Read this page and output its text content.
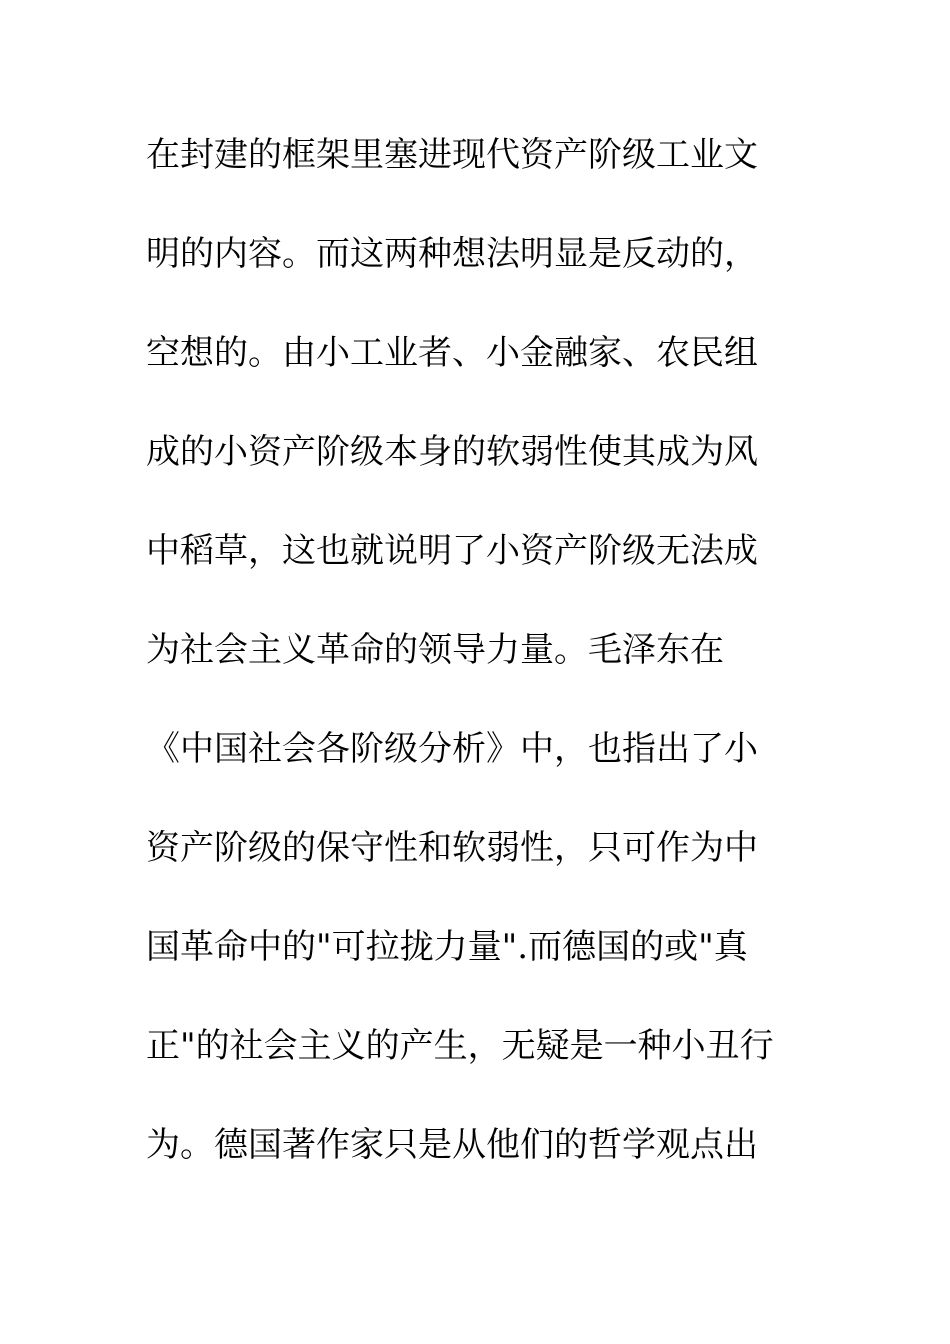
在封建的框架里塞进现代资产阶级工业文
明的内容。而这两种想法明显是反动的，
空想的。由小工业者、小金融家、农民组
成的小资产阶级本身的软弱性使其成为风
中稻草，这也就说明了小资产阶级无法成
为社会主义革命的领导力量。毛泽东在
《中国社会各阶级分析》中，也指出了小
资产阶级的保守性和软弱性，只可作为中
国革命中的"可拉拢力量".而德国的或"真
正"的社会主义的产生，无疑是一种小丑行
为。德国著作家只是从他们的哲学观点出
